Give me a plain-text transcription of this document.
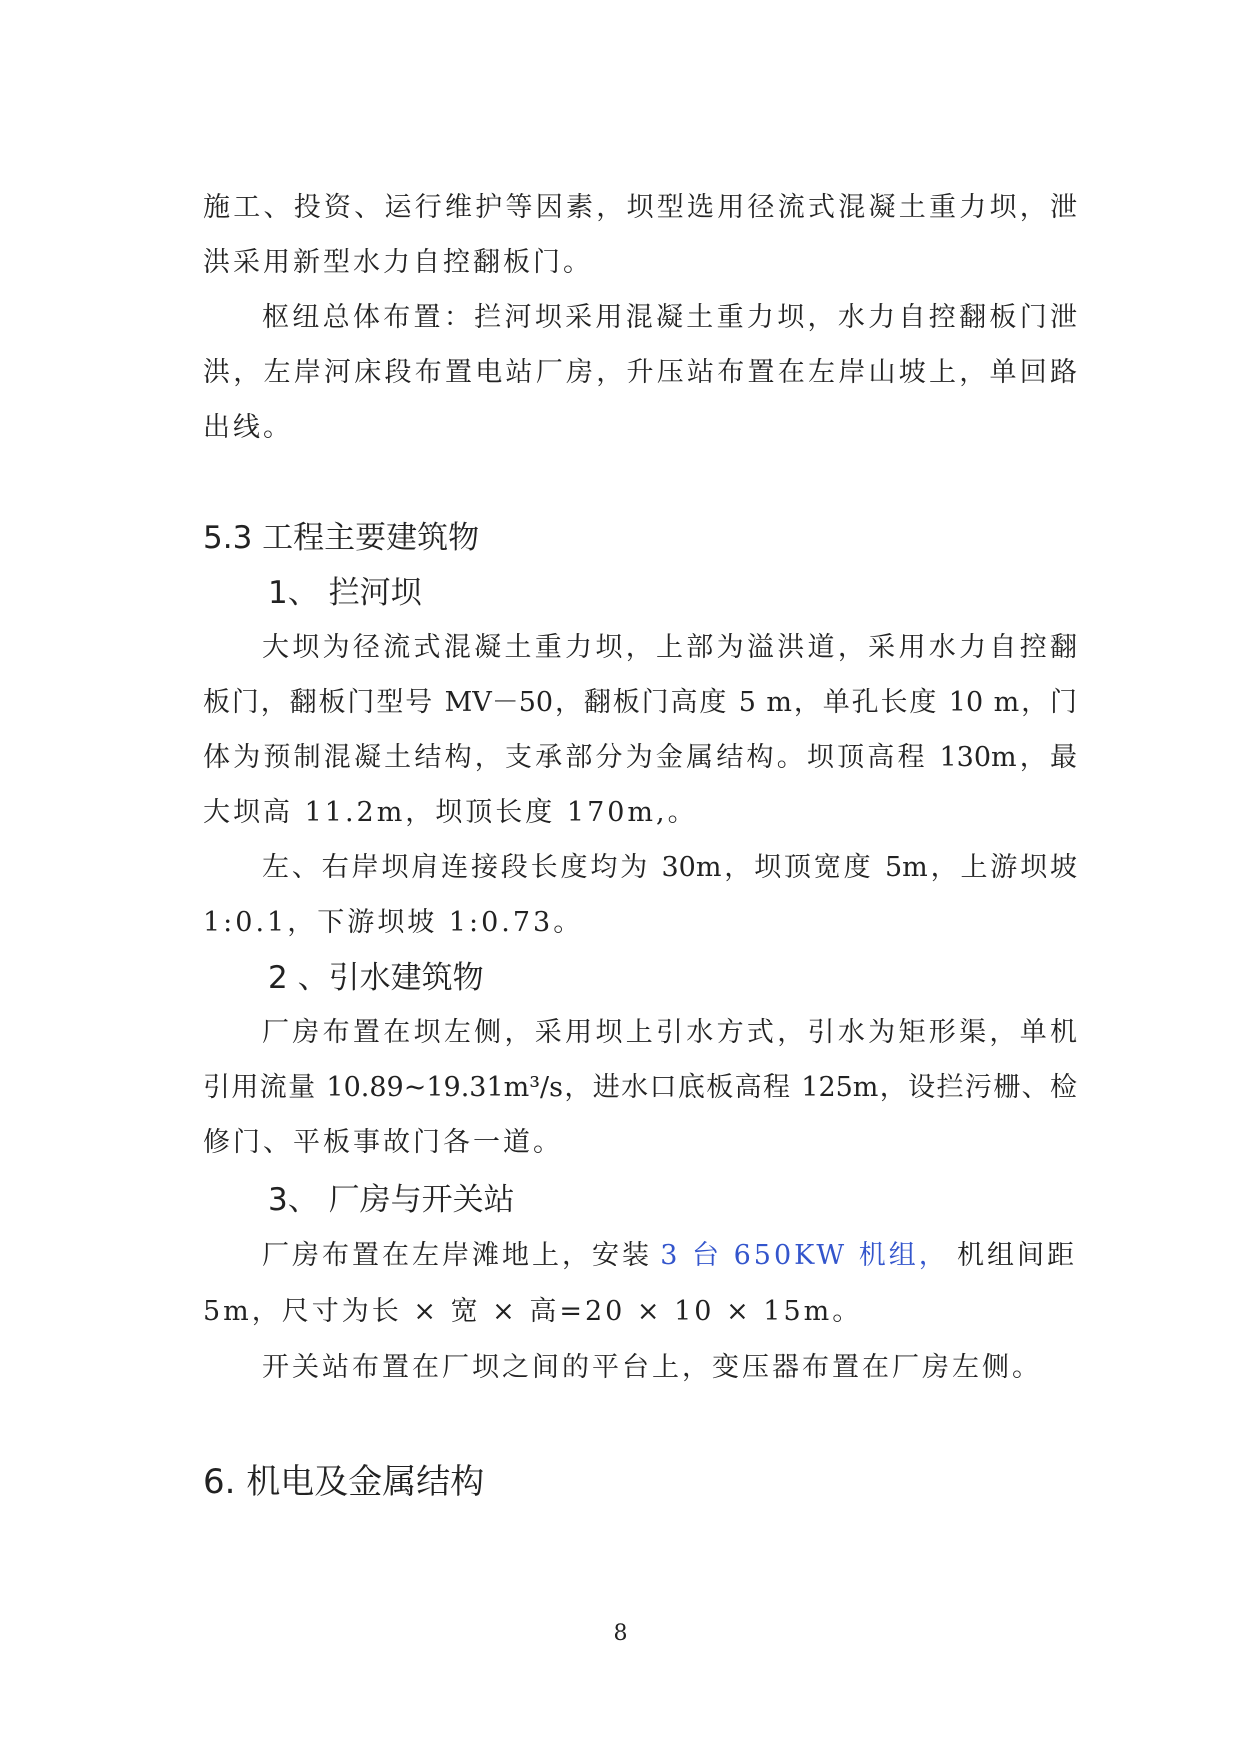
施工、投资、运行维护等因素，坝型选用径流式混凝土重力坝，泄
洪采用新型水力自控翻板门。
枢纽总体布置：拦河坝采用混凝土重力坝，水力自控翻板门泄
洪，左岸河床段布置电站厂房，升压站布置在左岸山坡上，单回路
出线。
5.3 工程主要建筑物
1、 拦河坝
大坝为径流式混凝土重力坝，上部为溢洪道，采用水力自控翻
板门，翻板门型号 MV－50，翻板门高度 5 m，单孔长度 10 m，门
体为预制混凝土结构，支承部分为金属结构。坝顶高程 130m，最
大坝高 11.2m，坝顶长度 170m,。
左、右岸坝肩连接段长度均为 30m，坝顶宽度 5m，上游坝坡
1:0.1，下游坝坡 1:0.73。
2 、引水建筑物
厂房布置在坝左侧，采用坝上引水方式，引水为矩形渠，单机
引用流量 10.89~19.31m³/s，进水口底板高程 125m，设拦污栅、检
修门、平板事故门各一道。
3、 厂房与开关站
厂房布置在左岸滩地上，安装 3 台 650KW 机组， 机组间距
5m，尺寸为长 × 宽 × 高=20 × 10 × 15m。
开关站布置在厂坝之间的平台上，变压器布置在厂房左侧。
6. 机电及金属结构
8
